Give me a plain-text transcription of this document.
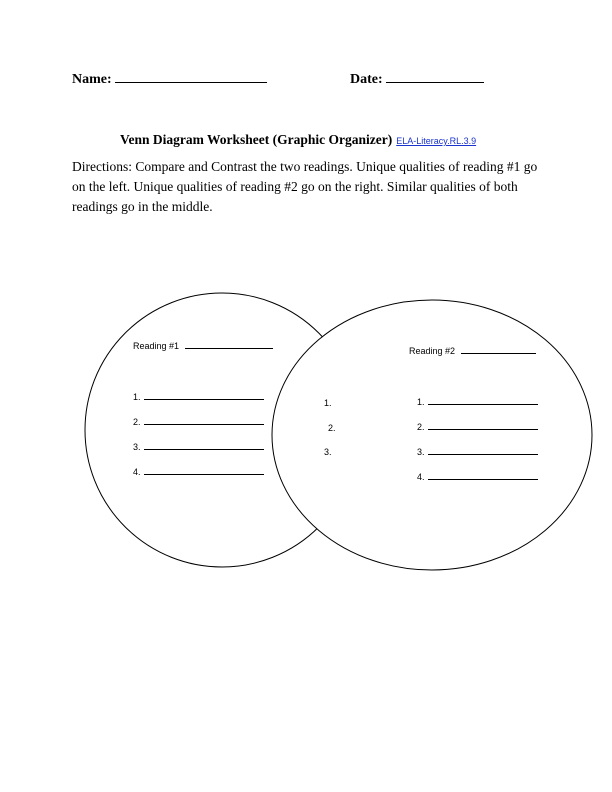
Name:	Date:
Venn Diagram Worksheet (Graphic Organizer) ELA-Literacy.RL.3.9
Directions: Compare and Contrast the two readings. Unique qualities of reading #1 go on the left. Unique qualities of reading #2 go on the right. Similar qualities of both readings go in the middle.
Reading #1
1.
2.
3.
4.
1.
2.
3.
Reading #2
1.
2.
3.
4.
